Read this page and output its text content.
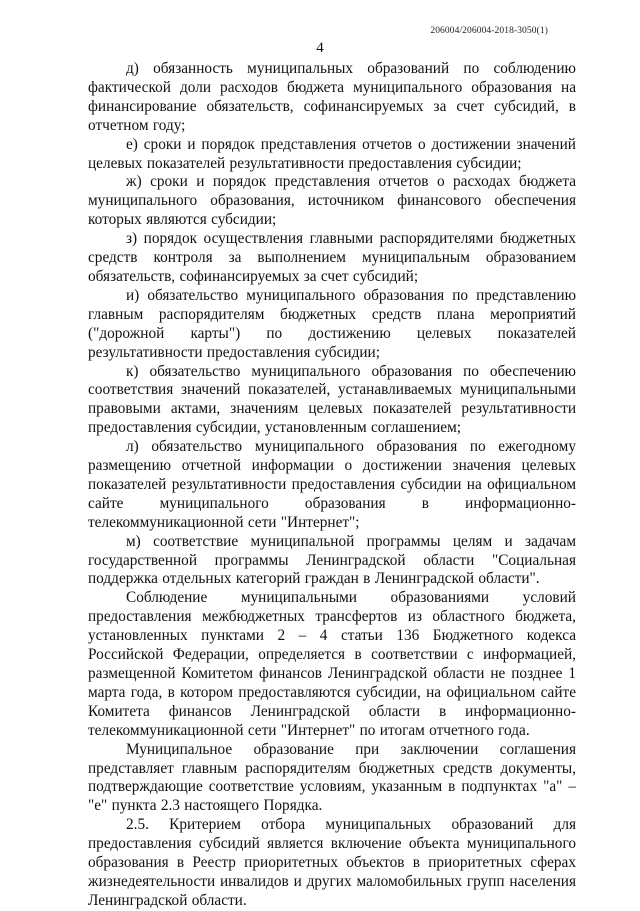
206004/206004-2018-3050(1)
4

д) обязанность муниципальных образований по соблюдению фактической доли расходов бюджета муниципального образования на финансирование обязательств, софинансируемых за счет субсидий, в отчетном году;

е) сроки и порядок представления отчетов о достижении значений целевых показателей результативности предоставления субсидии;

ж) сроки и порядок представления отчетов о расходах бюджета муниципального образования, источником финансового обеспечения которых являются субсидии;

з) порядок осуществления главными распорядителями бюджетных средств контроля за выполнением муниципальным образованием обязательств, софинансируемых за счет субсидий;

и) обязательство муниципального образования по представлению главным распорядителям бюджетных средств плана мероприятий ("дорожной карты") по достижению целевых показателей результативности предоставления субсидии;

к) обязательство муниципального образования по обеспечению соответствия значений показателей, устанавливаемых муниципальными правовыми актами, значениям целевых показателей результативности предоставления субсидии, установленным соглашением;

л) обязательство муниципального образования по ежегодному размещению отчетной информации о достижении значения целевых показателей результативности предоставления субсидии на официальном сайте муниципального образования в информационно-телекоммуникационной сети "Интернет";

м) соответствие муниципальной программы целям и задачам государственной программы Ленинградской области "Социальная поддержка отдельных категорий граждан в Ленинградской области".

Соблюдение муниципальными образованиями условий предоставления межбюджетных трансфертов из областного бюджета, установленных пунктами 2 – 4 статьи 136 Бюджетного кодекса Российской Федерации, определяется в соответствии с информацией, размещенной Комитетом финансов Ленинградской области не позднее 1 марта года, в котором предоставляются субсидии, на официальном сайте Комитета финансов Ленинградской области в информационно-телекоммуникационной сети "Интернет" по итогам отчетного года.

Муниципальное образование при заключении соглашения представляет главным распорядителям бюджетных средств документы, подтверждающие соответствие условиям, указанным в подпунктах "а" – "е" пункта 2.3 настоящего Порядка.

2.5. Критерием отбора муниципальных образований для предоставления субсидий является включение объекта муниципального образования в Реестр приоритетных объектов в приоритетных сферах жизнедеятельности инвалидов и других маломобильных групп населения Ленинградской области.
